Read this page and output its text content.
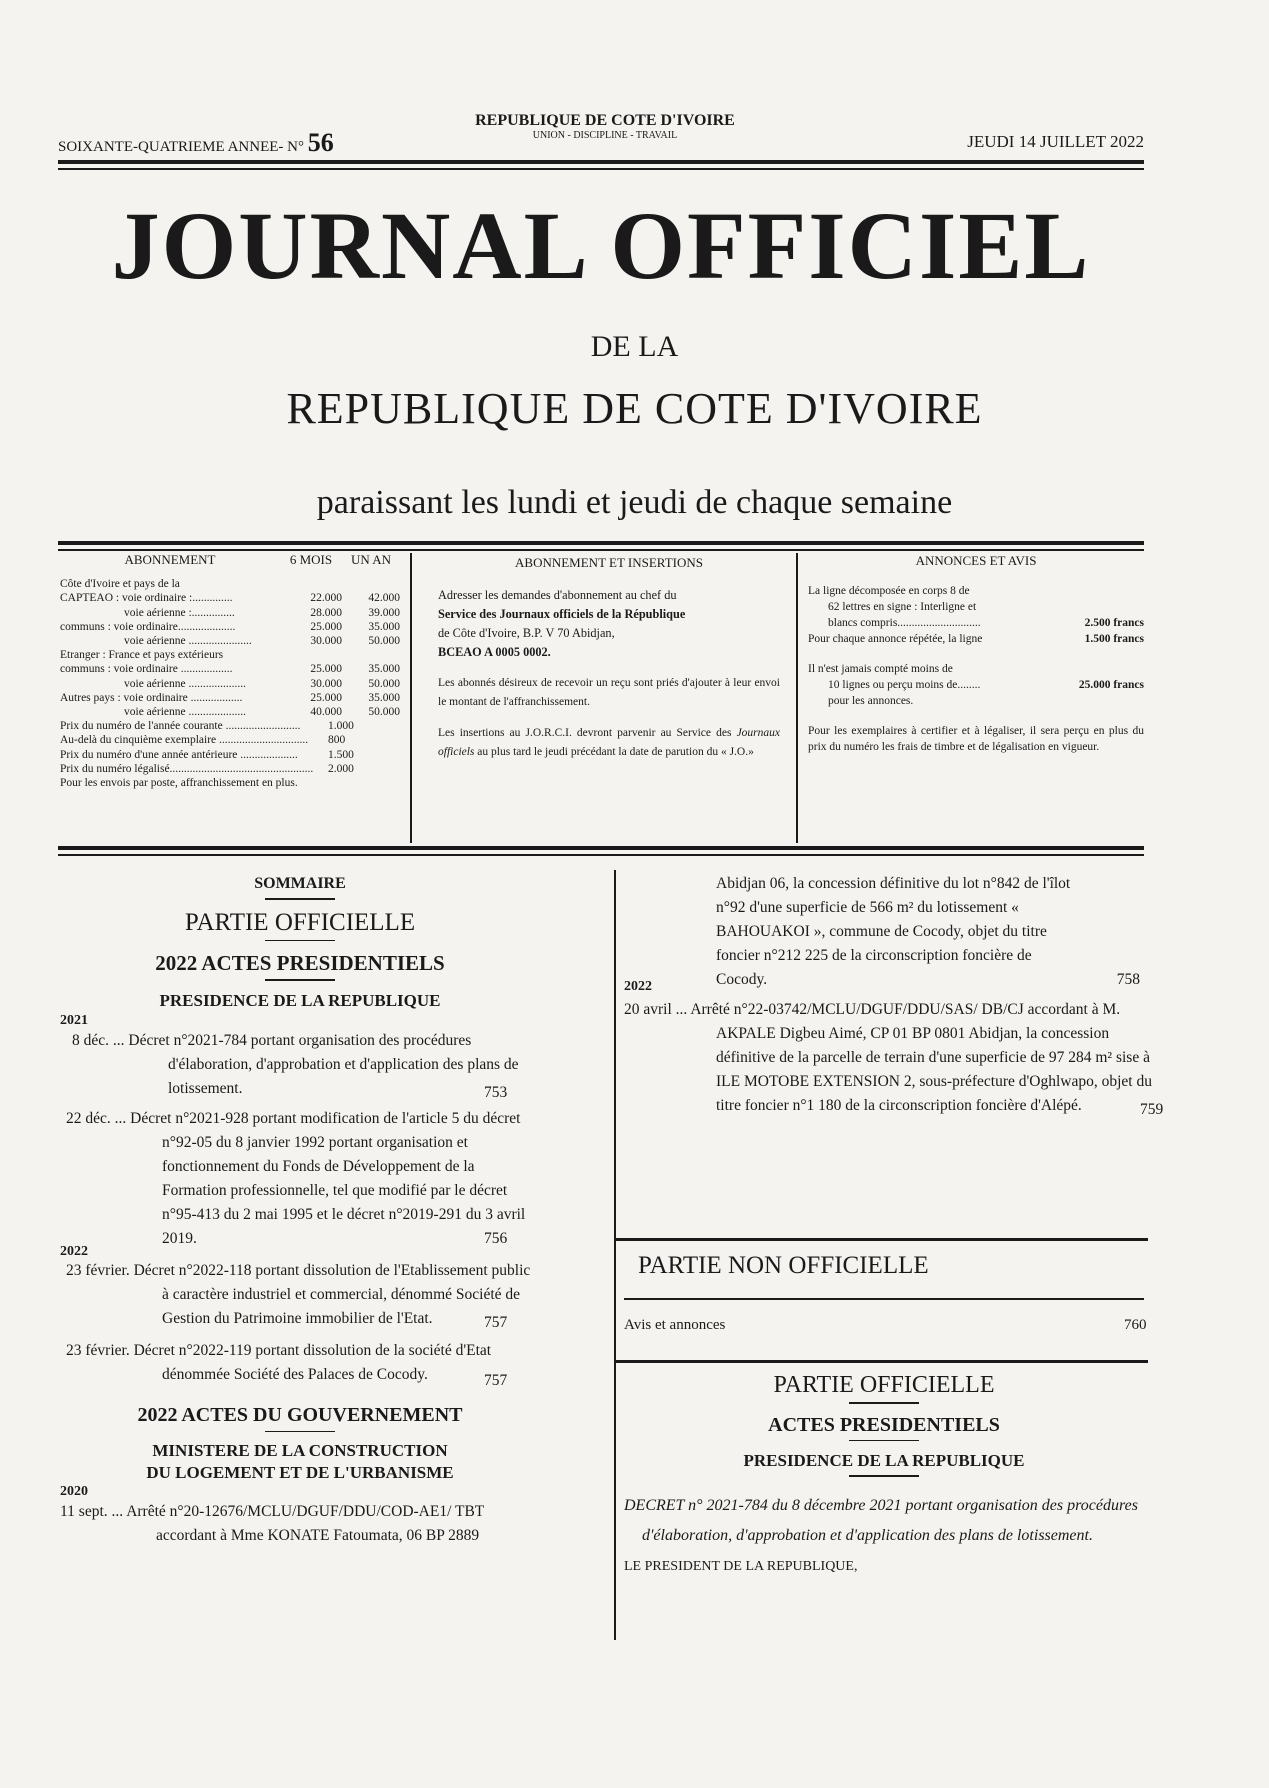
SOIXANTE-QUATRIEME ANNEE- N° 56
REPUBLIQUE DE COTE D'IVOIRE
UNION - DISCIPLINE - TRAVAIL	JEUDI 14 JUILLET 2022
JOURNAL OFFICIEL
DE LA
REPUBLIQUE DE COTE D'IVOIRE
paraissant les lundi et jeudi de chaque semaine
ABONNEMENT	6 MOIS	UN AN
Côte d'Ivoire et pays de la
CAPTEAO : voie ordinaire :..............	22.000	42.000
voie aérienne :...............	28.000	39.000
communs : voie ordinaire....................	25.000	35.000
voie aérienne ......................	30.000	50.000
Etranger : France et pays extérieurs
communs : voie ordinaire ..................	25.000	35.000
voie aérienne ....................	30.000	50.000
Autres pays : voie ordinaire ..................	25.000	35.000
voie aérienne ....................	40.000	50.000
Prix du numéro de l'année courante ..........................	1.000
Au-delà du cinquième exemplaire ...............................	800
Prix du numéro d'une année antérieure ....................	1.500
Prix du numéro légalisé..................................................	2.000
Pour les envois par poste, affranchissement en plus.
ABONNEMENT ET INSERTIONS
Adresser les demandes d'abonnement au chef du
Service des Journaux officiels de la République
de Côte d'Ivoire, B.P. V 70 Abidjan,
BCEAO A 0005 0002.
Les abonnés désireux de recevoir un reçu sont priés d'ajouter à leur envoi le montant de l'affranchissement.
Les insertions au J.O.R.C.I. devront parvenir au Service des Journaux officiels au plus tard le jeudi précédant la date de parution du « J.O.»
ANNONCES ET AVIS
La ligne décomposée en corps 8 de
62 lettres en signe : Interligne et
blancs compris.............................	2.500 francs
Pour chaque annonce répétée, la ligne	1.500 francs
Il n'est jamais compté moins de
10 lignes ou perçu moins de........	25.000 francs
pour les annonces.
Pour les exemplaires à certifier et à légaliser, il sera perçu en plus du prix du numéro les frais de timbre et de légalisation en vigueur.
SOMMAIRE
PARTIE OFFICIELLE
2022 ACTES PRESIDENTIELS
PRESIDENCE DE LA REPUBLIQUE
2021
8 déc. ... Décret n°2021-784 portant organisation des procédures d'élaboration, d'approbation et d'application des plans de lotissement.	753
22 déc. ... Décret n°2021-928 portant modification de l'article 5 du décret n°92-05 du 8 janvier 1992 portant organisation et fonctionnement du Fonds de Développement de la Formation professionnelle, tel que modifié par le décret n°95-413 du 2 mai 1995 et le décret n°2019-291 du 3 avril 2019.	756
2022
23 février. Décret n°2022-118 portant dissolution de l'Etablissement public à caractère industriel et commercial, dénommé Société de Gestion du Patrimoine immobilier de l'Etat.	757
23 février. Décret n°2022-119 portant dissolution de la société d'Etat dénommée Société des Palaces de Cocody.	757
2022 ACTES DU GOUVERNEMENT
MINISTERE DE LA CONSTRUCTION
DU LOGEMENT ET DE L'URBANISME
2020
11 sept. ... Arrêté n°20-12676/MCLU/DGUF/DDU/COD-AE1/ TBT accordant à Mme KONATE Fatoumata, 06 BP 2889
Abidjan 06, la concession définitive du lot n°842 de l'îlot n°92 d'une superficie de 566 m² du lotissement « BAHOUAKOI », commune de Cocody, objet du titre foncier n°212 225 de la circonscription foncière de Cocody.	758
2022
20 avril ... Arrêté n°22-03742/MCLU/DGUF/DDU/SAS/ DB/CJ accordant à M. AKPALE Digbeu Aimé, CP 01 BP 0801 Abidjan, la concession définitive de la parcelle de terrain d'une superficie de 97 284 m² sise à ILE MOTOBE EXTENSION 2, sous-préfecture d'Oghlwapo, objet du titre foncier n°1 180 de la circonscription foncière d'Alépé.	759
PARTIE NON OFFICIELLE
Avis et annonces	760
PARTIE OFFICIELLE
ACTES PRESIDENTIELS
PRESIDENCE DE LA REPUBLIQUE
DECRET n° 2021-784 du 8 décembre 2021 portant organisation des procédures d'élaboration, d'approbation et d'application des plans de lotissement.
LE PRESIDENT DE LA REPUBLIQUE,
